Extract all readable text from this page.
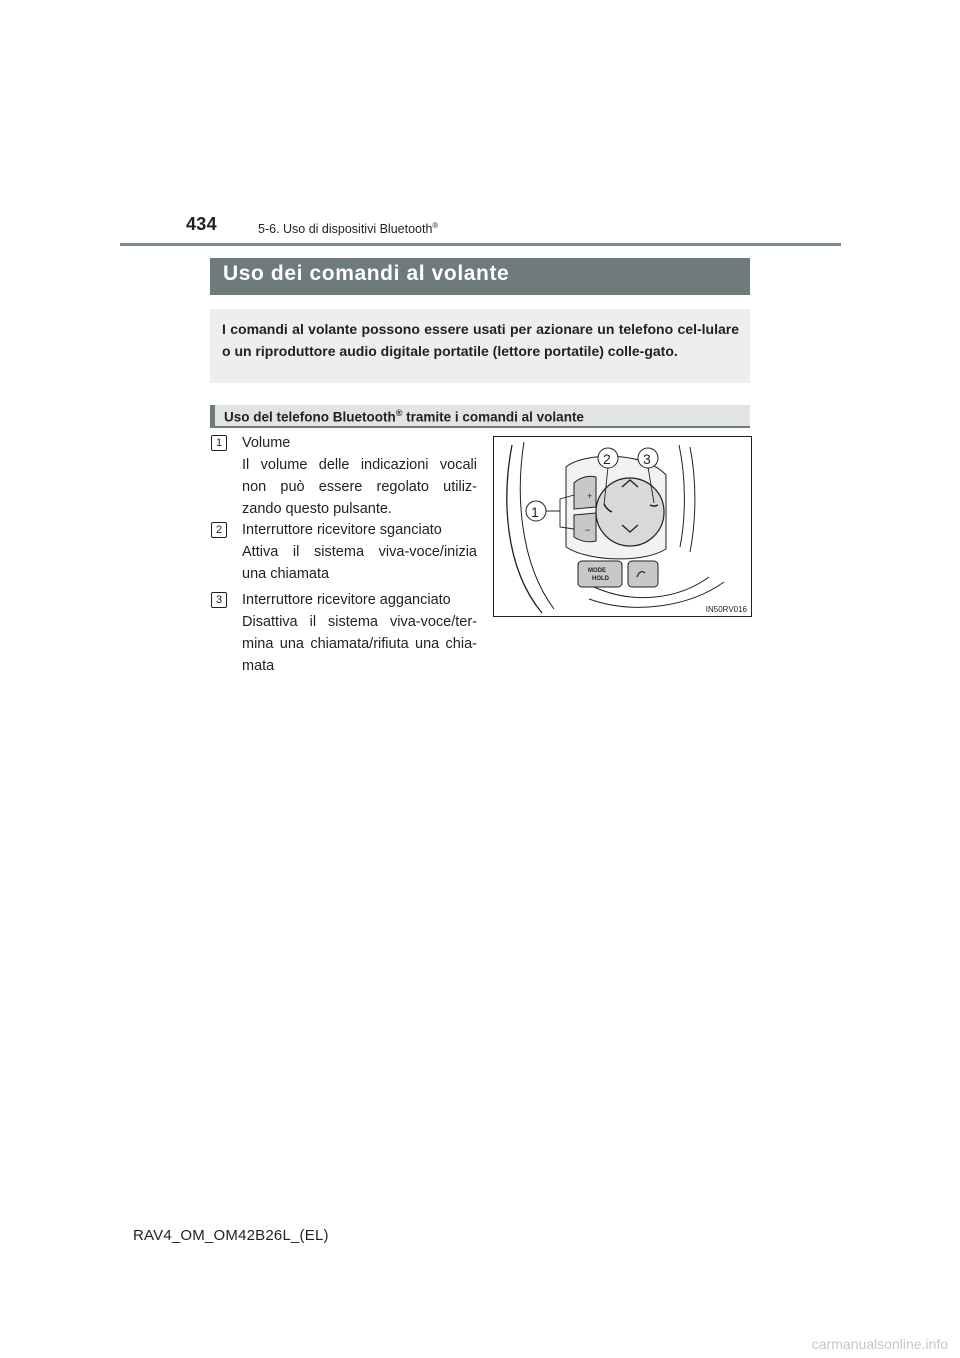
434	5-6. Uso di dispositivi Bluetooth®
Uso dei comandi al volante

I comandi al volante possono essere usati per azionare un telefono cel-lulare o un riproduttore audio digitale portatile (lettore portatile) colle-gato.

Uso del telefono Bluetooth® tramite i comandi al volante
1	Volume
Il volume delle indicazioni vocali
non può essere regolato utiliz-
zando questo pulsante.
2	Interruttore ricevitore sganciato
Attiva il sistema viva-voce/inizia
una chiamata
3	Interruttore ricevitore agganciato
Disattiva il sistema viva-voce/ter-
mina una chiamata/rifiuta una chia-
mata
+
−
MODE
HOLD
1
2 3
IN50RV016
RAV4_OM_OM42B26L_(EL)
carmanualsonline.info
